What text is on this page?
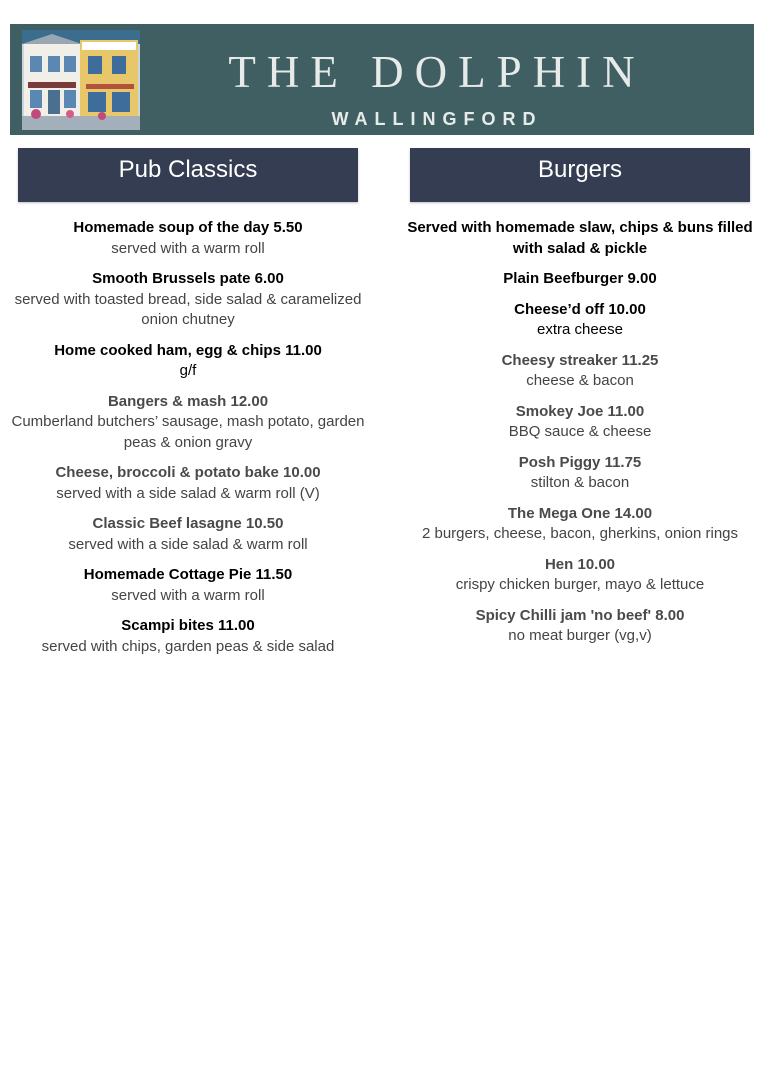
THE DOLPHIN
WALLINGFORD
Pub Classics
Homemade soup of the day 5.50
served with a warm roll
Smooth Brussels pate 6.00
served with toasted bread, side salad & caramelized onion chutney
Home cooked ham, egg & chips 11.00
g/f
Bangers & mash 12.00
Cumberland butchers’ sausage, mash potato, garden peas & onion gravy
Cheese, broccoli & potato bake 10.00
served with a side salad & warm roll (V)
Classic Beef lasagne 10.50
served with a side salad & warm roll
Homemade Cottage Pie 11.50
served with a warm roll
Scampi bites 11.00
served with chips, garden peas & side salad
Burgers
Served with homemade slaw, chips & buns filled with salad & pickle
Plain Beefburger 9.00
Cheese’d off 10.00
extra cheese
Cheesy streaker 11.25
cheese & bacon
Smokey Joe 11.00
BBQ sauce & cheese
Posh Piggy 11.75
stilton & bacon
The Mega One 14.00
2 burgers, cheese, bacon, gherkins, onion rings
Hen 10.00
crispy chicken burger, mayo & lettuce
Spicy Chilli jam 'no beef' 8.00
no meat burger (vg,v)
